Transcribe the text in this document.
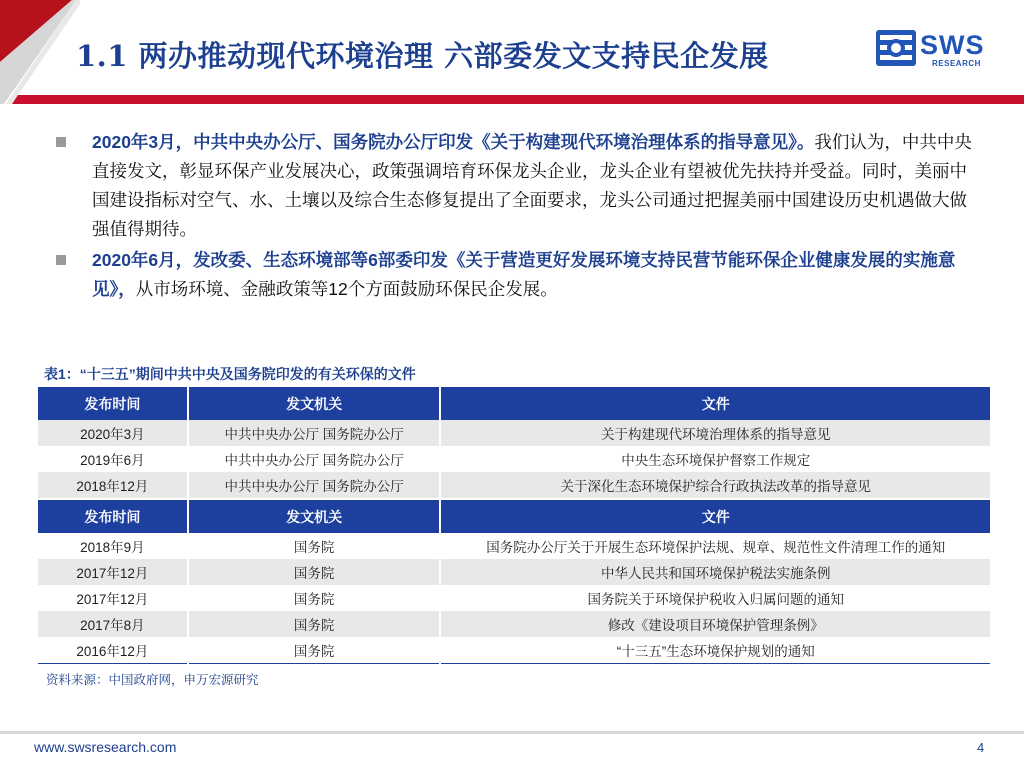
1.1 两办推动现代环境治理 六部委发文支持民企发展	SWS
RESEARCH
2020年3月，中共中央办公厅、国务院办公厅印发《关于构建现代环境治理体系的指导意见》。我们认为，中共中央直接发文，彰显环保产业发展决心，政策强调培育环保龙头企业，龙头企业有望被优先扶持并受益。同时，美丽中国建设指标对空气、水、土壤以及综合生态修复提出了全面要求，龙头公司通过把握美丽中国建设历史机遇做大做强值得期待。
2020年6月，发改委、生态环境部等6部委印发《关于营造更好发展环境支持民营节能环保企业健康发展的实施意见》，从市场环境、金融政策等12个方面鼓励环保民企发展。
表1：“十三五”期间中共中央及国务院印发的有关环保的文件
发布时间	发文机关	文件
2020年3月	中共中央办公厅 国务院办公厅	关于构建现代环境治理体系的指导意见
2019年6月	中共中央办公厅 国务院办公厅	中央生态环境保护督察工作规定
2018年12月	中共中央办公厅 国务院办公厅	关于深化生态环境保护综合行政执法改革的指导意见
发布时间	发文机关	文件
2018年9月	国务院	国务院办公厅关于开展生态环境保护法规、规章、规范性文件清理工作的通知
2017年12月	国务院	中华人民共和国环境保护税法实施条例
2017年12月	国务院	国务院关于环境保护税收入归属问题的通知
2017年8月	国务院	修改《建设项目环境保护管理条例》
2016年12月	国务院	“十三五”生态环境保护规划的通知
资料来源：中国政府网，申万宏源研究
www.swsresearch.com	4
